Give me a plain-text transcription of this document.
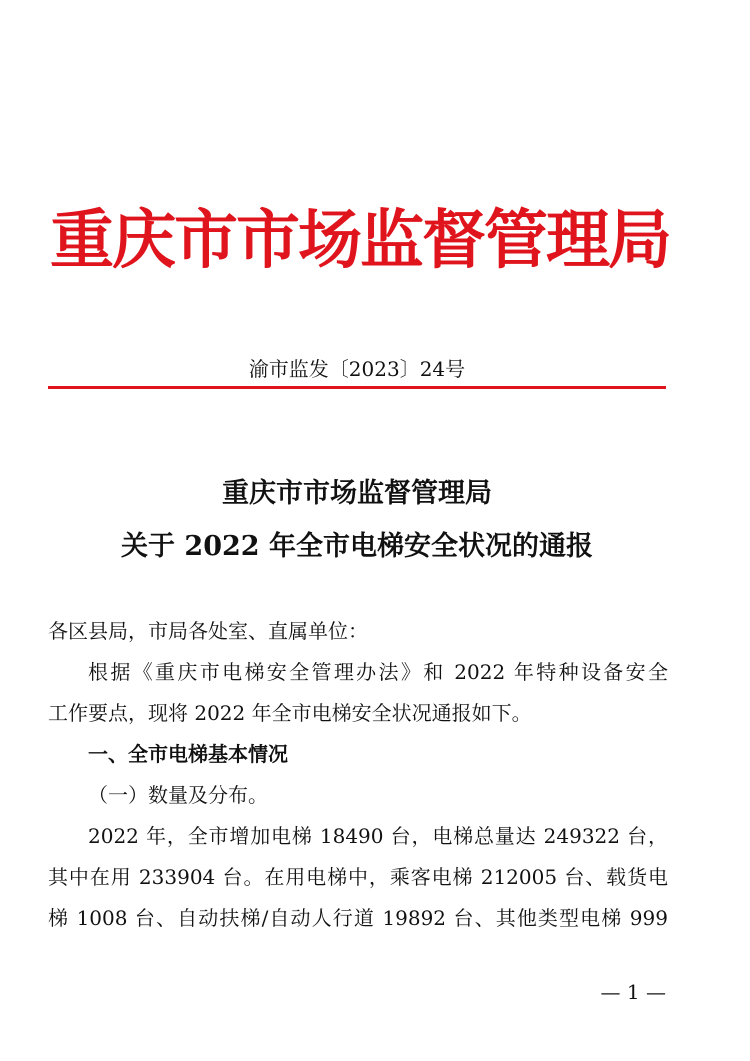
重庆市市场监督管理局
渝市监发〔2023〕24号
重庆市市场监督管理局
关于 2022 年全市电梯安全状况的通报
各区县局，市局各处室、直属单位：
根据《重庆市电梯安全管理办法》和 2022 年特种设备安全
工作要点，现将 2022 年全市电梯安全状况通报如下。
一、全市电梯基本情况
（一）数量及分布。
2022 年，全市增加电梯 18490 台，电梯总量达 249322 台，
其中在用 233904 台。在用电梯中，乘客电梯 212005 台、载货电
梯 1008 台、自动扶梯/自动人行道 19892 台、其他类型电梯 999
— 1 —
